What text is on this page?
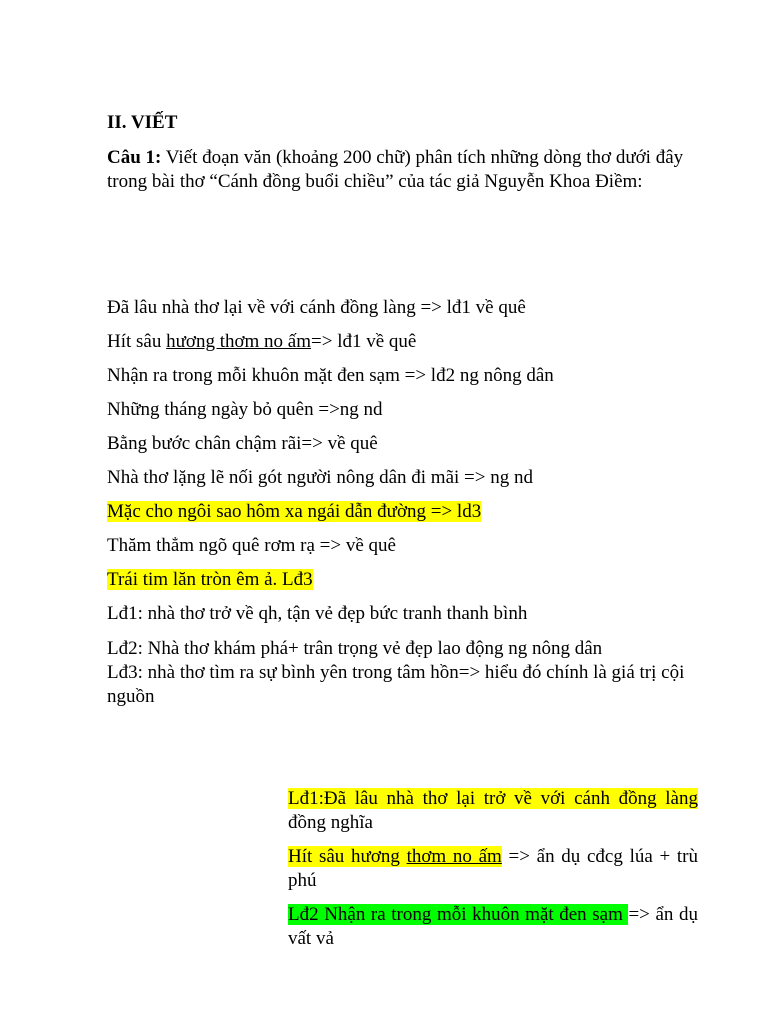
II. VIẾT
Câu 1: Viết đoạn văn (khoảng 200 chữ) phân tích những dòng thơ dưới đây trong bài thơ “Cánh đồng buổi chiều” của tác giả Nguyễn Khoa Điềm:
Đã lâu nhà thơ lại về với cánh đồng làng => lđ1 về quê
Hít sâu hương thơm no ấm=> lđ1 về quê
Nhận ra trong mỗi khuôn mặt đen sạm => lđ2 ng nông dân
Những tháng ngày bỏ quên =>ng nd
Bằng bước chân chậm rãi=> về quê
Nhà thơ lặng lẽ nối gót người nông dân đi mãi => ng nd
Mặc cho ngôi sao hôm xa ngái dẫn đường => ld3
Thăm thẳm ngõ quê rơm rạ => về quê
Trái tim lăn tròn êm ả. Lđ3
Lđ1: nhà thơ trở về qh, tận vẻ đẹp bức tranh thanh bình
Lđ2: Nhà thơ khám phá+ trân trọng vẻ đẹp lao động ng nông dân
Lđ3: nhà thơ tìm ra sự bình yên trong tâm hồn=> hiểu đó chính là giá trị cội nguồn
Lđ1:Đã lâu nhà thơ lại trở về với cánh đồng làng đồng nghĩa
Hít sâu hương thơm no ấm => ẩn dụ cđcg lúa + trù phú
Lđ2 Nhận ra trong mỗi khuôn mặt đen sạm => ẩn dụ vất vả
